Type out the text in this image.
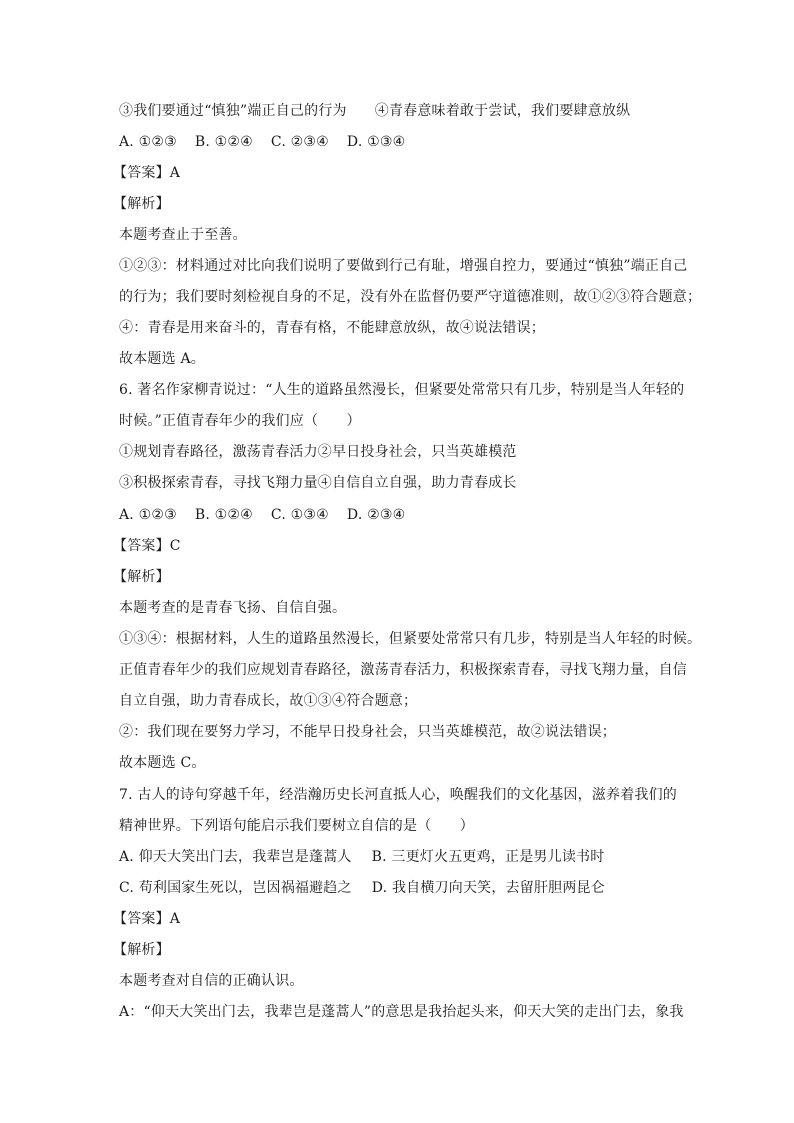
③我们要通过“慎独”端正自己的行为 ④青春意味着敢于尝试，我们要肆意放纵
A. ①②③ B. ①②④ C. ②③④ D. ①③④
【答案】A
【解析】
本题考查止于至善。
①②③：材料通过对比向我们说明了要做到行己有耻，增强自控力，要通过“慎独”端正自己
的行为；我们要时刻检视自身的不足，没有外在监督仍要严守道德准则，故①②③符合题意；
④：青春是用来奋斗的，青春有格，不能肆意放纵，故④说法错误；
故本题选 A。
6. 著名作家柳青说过：“人生的道路虽然漫长，但紧要处常常只有几步，特别是当人年轻的
时候。”正值青春年少的我们应（　　）
①规划青春路径，激荡青春活力②早日投身社会，只当英雄模范
③积极探索青春，寻找飞翔力量④自信自立自强，助力青春成长
A. ①②③ B. ①②④ C. ①③④ D. ②③④
【答案】C
【解析】
本题考查的是青春飞扬、自信自强。
①③④：根据材料，人生的道路虽然漫长，但紧要处常常只有几步，特别是当人年轻的时候。
正值青春年少的我们应规划青春路径，激荡青春活力，积极探索青春，寻找飞翔力量，自信
自立自强，助力青春成长，故①③④符合题意；
②：我们现在要努力学习，不能早日投身社会，只当英雄模范，故②说法错误；
故本题选 C。
7. 古人的诗句穿越千年，经浩瀚历史长河直抵人心，唤醒我们的文化基因，滋养着我们的
精神世界。下列语句能启示我们要树立自信的是（　　）
A. 仰天大笑出门去，我辈岂是蓬蒿人 B. 三更灯火五更鸡，正是男儿读书时
C. 苟利国家生死以，岂因祸福避趋之 D. 我自横刀向天笑，去留肝胆两昆仑
【答案】A
【解析】
本题考查对自信的正确认识。
A：“仰天大笑出门去，我辈岂是蓬蒿人”的意思是我抬起头来，仰天大笑的走出门去，象我
